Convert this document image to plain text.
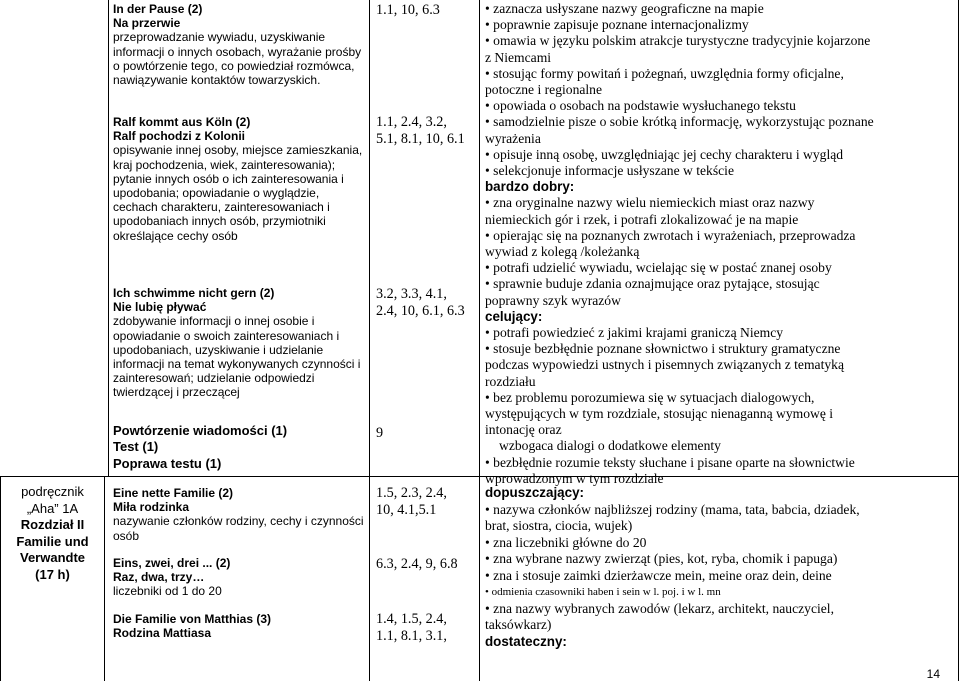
In der Pause (2)
Na przerwie
przeprowadzanie wywiadu, uzyskiwanie informacji o innych osobach, wyrażanie prośby o powtórzenie tego, co powiedział rozmówca, nawiązywanie kontaktów towarzyskich.
Ralf kommt aus Köln (2)
Ralf pochodzi z Kolonii
opisywanie innej osoby, miejsce zamieszkania, kraj pochodzenia, wiek, zainteresowania); pytanie innych osób o ich zainteresowania i upodobania; opowiadanie o wyglądzie, cechach charakteru, zainteresowaniach i upodobaniach innych osób, przymiotniki określające cechy osób
Ich schwimme nicht gern (2)
Nie lubię pływać
zdobywanie informacji o innej osobie i opowiadanie o swoich zainteresowaniach i upodobaniach, uzyskiwanie i udzielanie informacji na temat wykonywanych czynności i zainteresowań; udzielanie odpowiedzi twierdzącej i przeczącej
Powtórzenie wiadomości (1)
Test (1)
Poprawa testu (1)
1.1, 10, 6.3
1.1, 2.4, 3.2,
5.1, 8.1, 10, 6.1
3.2, 3.3, 4.1,
2.4, 10, 6.1, 6.3
9
• zaznacza usłyszane nazwy geograficzne na mapie
• poprawnie zapisuje poznane internacjonalizmy
• omawia w języku polskim atrakcje turystyczne tradycyjnie kojarzone
z Niemcami
• stosując formy powitań i pożegnań, uwzględnia formy oficjalne,
potoczne i regionalne
• opowiada o osobach na podstawie wysłuchanego tekstu
• samodzielnie pisze o sobie krótką informację, wykorzystując poznane
wyrażenia
• opisuje inną osobę, uwzględniając jej cechy charakteru i wygląd
• selekcjonuje informacje usłyszane w tekście
bardzo dobry:
• zna oryginalne nazwy wielu niemieckich miast oraz nazwy
niemieckich gór i rzek, i potrafi zlokalizować je na mapie
• opierając się na poznanych zwrotach i wyrażeniach, przeprowadza
wywiad z kolegą /koleżanką
• potrafi udzielić wywiadu, wcielając się w postać znanej osoby
• sprawnie buduje zdania oznajmujące oraz pytające, stosując
poprawny szyk wyrazów
celujący:
• potrafi powiedzieć z jakimi krajami graniczą Niemcy
• stosuje bezbłędnie poznane słownictwo i struktury gramatyczne
podczas wypowiedzi ustnych i pisemnych związanych z tematyką
rozdziału
• bez problemu porozumiewa się w sytuacjach dialogowych,
występujących w tym rozdziale, stosując nienaganną wymowę i
intonację oraz
wzbogaca dialogi o dodatkowe elementy
• bezbłędnie rozumie teksty słuchane i pisane oparte na słownictwie
wprowadzonym w tym rozdziale
podręcznik
„Aha” 1A
Rozdział II
Familie und
Verwandte
(17 h)
Eine nette Familie (2)
Miła rodzinka
nazywanie członków rodziny, cechy i czynności osób
Eins, zwei, drei ... (2)
Raz, dwa, trzy…
liczebniki od 1 do 20
Die Familie von Matthias (3)
Rodzina Mattiasa
1.5, 2.3, 2.4,
10, 4.1,5.1
6.3, 2.4, 9, 6.8
1.4, 1.5, 2.4,
1.1, 8.1, 3.1,
dopuszczający:
• nazywa członków najbliższej rodziny (mama, tata, babcia, dziadek,
brat, siostra, ciocia, wujek)
• zna liczebniki główne do 20
• zna wybrane nazwy zwierząt (pies, kot, ryba, chomik i papuga)
• zna i stosuje zaimki dzierżawcze mein, meine oraz dein, deine
• odmienia czasowniki haben i sein w l. poj. i w l. mn
• zna nazwy wybranych zawodów (lekarz, architekt, nauczyciel,
taksówkarz)
dostateczny:
14
